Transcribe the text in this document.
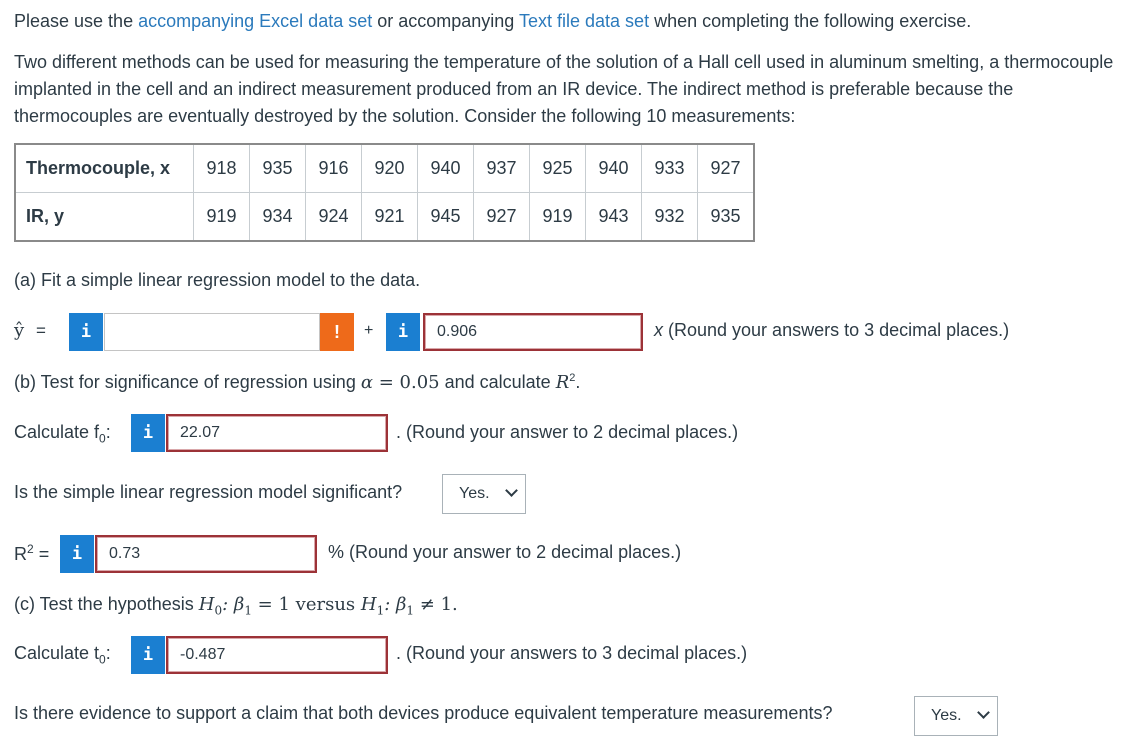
Please use the accompanying Excel data set or accompanying Text file data set when completing the following exercise.

Two different methods can be used for measuring the temperature of the solution of a Hall cell used in aluminum smelting, a thermocouple implanted in the cell and an indirect measurement produced from an IR device. The indirect method is preferable because the thermocouples are eventually destroyed by the solution. Consider the following 10 measurements:

Thermocouple, x	918	935	916	920	940	937	925	940	933	927
IR, y	919	934	924	921	945	927	919	943	932	935
(a) Fit a simple linear regression model to the data.
ŷ =	i	!	+	i	0.906	x (Round your answers to 3 decimal places.)
(b) Test for significance of regression using α = 0.05 and calculate $R^2$.
Calculate $f_0$:	i	22.07	. (Round your answer to 2 decimal places.)
Is the simple linear regression model significant?	Yes.
$R^2$ =	i	0.73	% (Round your answer to 2 decimal places.)
(c) Test the hypothesis $H_0$: $\beta_1 = 1$ versus $H_1$: $\beta_1 \ne 1$.
Calculate $t_0$:	i	-0.487	. (Round your answers to 3 decimal places.)
Is there evidence to support a claim that both devices produce equivalent temperature measurements?	Yes.
